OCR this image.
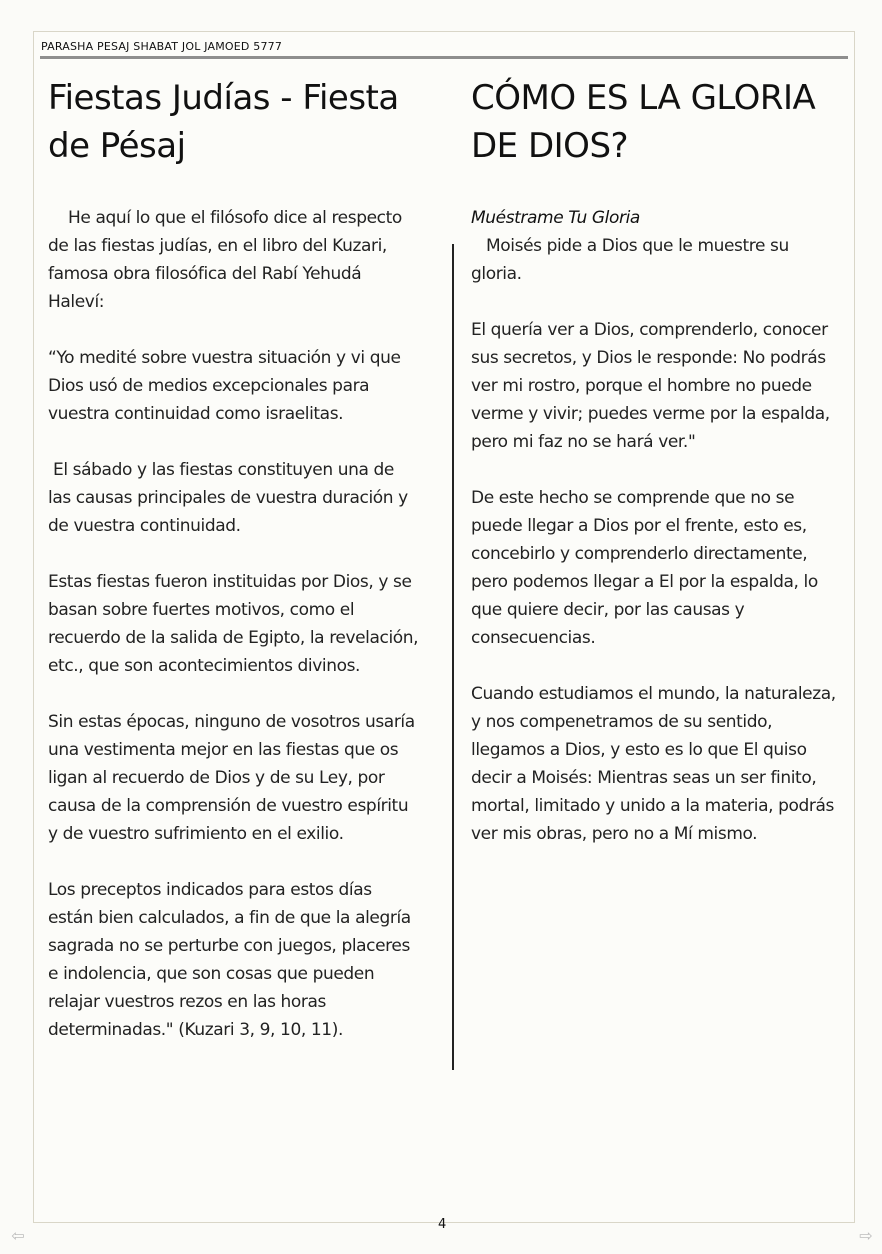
PARASHA PESAJ SHABAT JOL JAMOED 5777
Fiestas Judías - Fiesta de Pésaj

He aquí lo que el filósofo dice al respecto de las fiestas judías, en el libro del Kuzari, famosa obra filosófica del Rabí Yehudá Haleví:

“Yo medité sobre vuestra situación y vi que Dios usó de medios excepcionales para vuestra continuidad como israelitas.

El sábado y las fiestas constituyen una de las causas principales de vuestra duración y de vuestra continuidad.

Estas fiestas fueron instituidas por Dios, y se basan sobre fuertes motivos, como el recuerdo de la salida de Egipto, la revelación, etc., que son acontecimientos divinos.

Sin estas épocas, ninguno de vosotros usaría una vestimenta mejor en las fiestas que os ligan al recuerdo de Dios y de su Ley, por causa de la comprensión de vuestro espíritu y de vuestro sufrimiento en el exilio.

Los preceptos indicados para estos días están bien calculados, a fin de que la alegría sagrada no se perturbe con juegos, placeres e indolencia, que son cosas que pueden relajar vuestros rezos en las horas determinadas." (Kuzari 3, 9, 10, 11).

CÓMO ES LA GLORIA DE DIOS?

Muéstrame Tu Gloria

Moisés pide a Dios que le muestre su gloria.

El quería ver a Dios, comprenderlo, conocer sus secretos, y Dios le responde: No podrás ver mi rostro, porque el hombre no puede verme y vivir; puedes verme por la espalda, pero mi faz no se hará ver."

De este hecho se comprende que no se puede llegar a Dios por el frente, esto es, concebirlo y comprenderlo directamente, pero podemos llegar a El por la espalda, lo que quiere decir, por las causas y consecuencias.

Cuando estudiamos el mundo, la naturaleza, y nos compenetramos de su sentido, llegamos a Dios, y esto es lo que El quiso decir a Moisés: Mientras seas un ser finito, mortal, limitado y unido a la materia, podrás ver mis obras, pero no a Mí mismo.

4
⇦	⇨
